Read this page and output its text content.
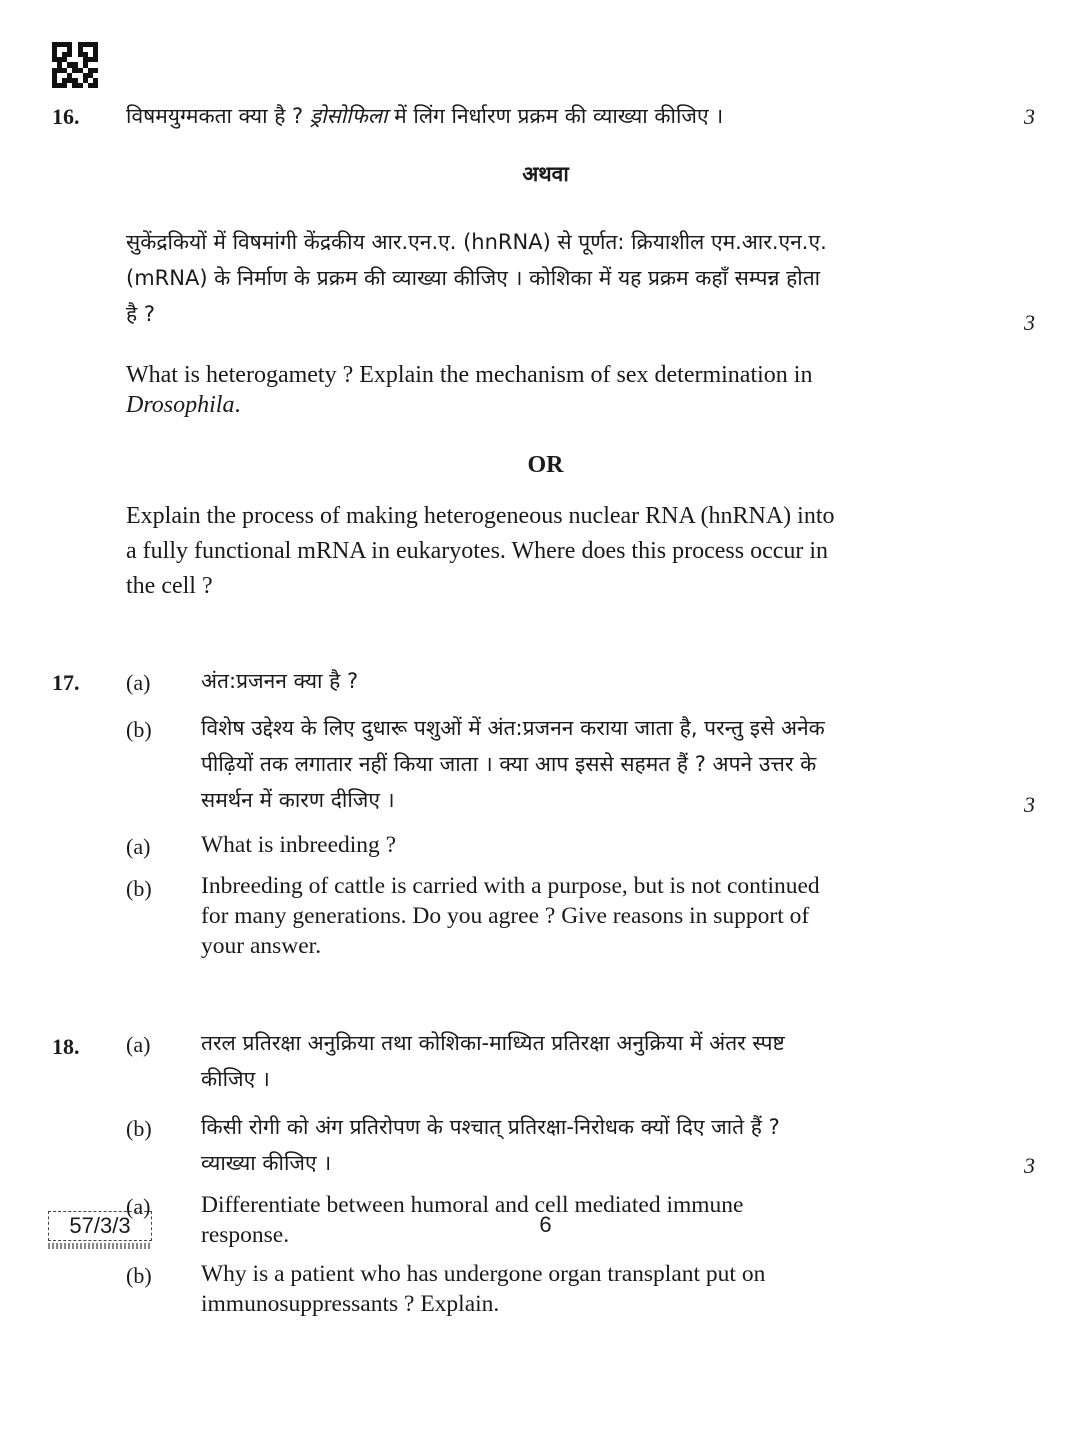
16. विषमयुग्मकता क्या है ? ड्रोसोफिला में लिंग निर्धारण प्रक्रम की व्याख्या कीजिए ।	3
अथवा
सुकेंद्रकियों में विषमांगी केंद्रकीय आर.एन.ए. (hnRNA) से पूर्णत: क्रियाशील एम.आर.एन.ए.
(mRNA) के निर्माण के प्रक्रम की व्याख्या कीजिए । कोशिका में यह प्रक्रम कहाँ सम्पन्न होता
है ?	3
What is heterogamety ? Explain the mechanism of sex determination in
Drosophila.
OR
Explain the process of making heterogeneous nuclear RNA (hnRNA) into
a fully functional mRNA in eukaryotes. Where does this process occur in
the cell ?
17. (a) अंत:प्रजनन क्या है ?
(b) विशेष उद्देश्य के लिए दुधारू पशुओं में अंत:प्रजनन कराया जाता है, परन्तु इसे अनेक
पीढ़ियों तक लगातार नहीं किया जाता । क्या आप इससे सहमत हैं ? अपने उत्तर के
समर्थन में कारण दीजिए ।	3
(a) What is inbreeding ?
(b) Inbreeding of cattle is carried with a purpose, but is not continued
for many generations. Do you agree ? Give reasons in support of
your answer.
18. (a) तरल प्रतिरक्षा अनुक्रिया तथा कोशिका-माध्यित प्रतिरक्षा अनुक्रिया में अंतर स्पष्ट
कीजिए ।
(b) किसी रोगी को अंग प्रतिरोपण के पश्चात् प्रतिरक्षा-निरोधक क्यों दिए जाते हैं ?
व्याख्या कीजिए ।	3
(a) Differentiate between humoral and cell mediated immune
response.
(b) Why is a patient who has undergone organ transplant put on
immunosuppressants ? Explain.
57/3/3	6
